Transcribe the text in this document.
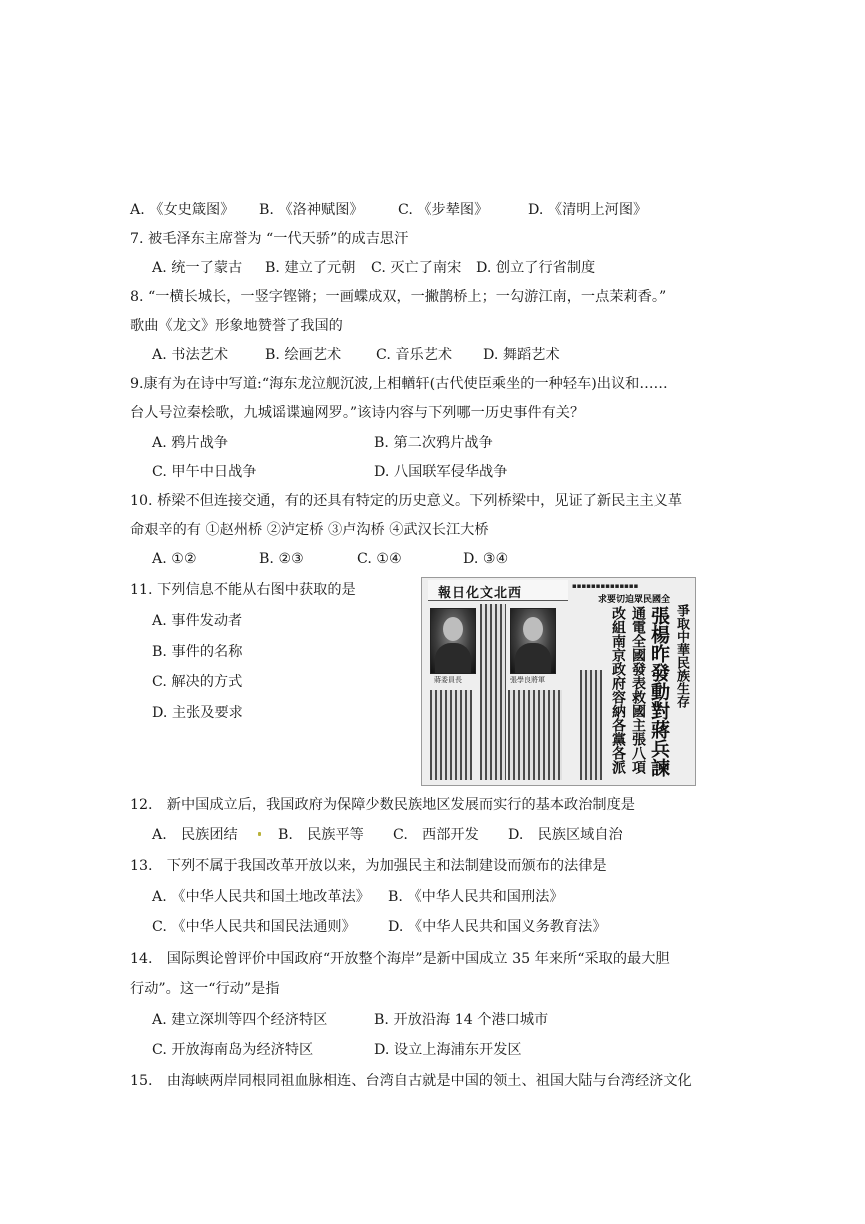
A. 《女史箴图》 B. 《洛神赋图》 C. 《步辇图》	D. 《清明上河图》
7. 被毛泽东主席誉为 “一代天骄”的成吉思汗
A. 统一了蒙古 B. 建立了元朝 C. 灭亡了南宋 D. 创立了行省制度
8. “一横长城长，一竖字铿锵；一画蝶成双，一撇鹊桥上；一勾游江南，一点茉莉香。”
歌曲《龙文》形象地赞誉了我国的
A. 书法艺术	B. 绘画艺术 C. 音乐艺术 D. 舞蹈艺术
9.康有为在诗中写道:“海东龙泣舰沉波,上相輶轩(古代使臣乘坐的一种轻车)出议和……
台人号泣秦桧歌，九城谣谍遍网罗。”该诗内容与下列哪一历史事件有关？
A. 鸦片战争	B. 第二次鸦片战争
C. 甲午中日战争	D. 八国联军侵华战争
10. 桥梁不但连接交通，有的还具有特定的历史意义。下列桥梁中，见证了新民主主义革
命艰辛的有 ①赵州桥 ②泸定桥 ③卢沟桥 ④武汉长江大桥
A. ①②	B. ②③	C. ①④	D. ③④
11. 下列信息不能从右图中获取的是
A. 事件发动者
B. 事件的名称
C. 解决的方式
D. 主张及要求
報日化文北西	▪▪▪▪▪▪▪▪▪▪▪▪▪▪
求要切迫眾民國全
蔣委員長	張學良將軍	爭取中華民族生存
張楊昨發動對蔣兵諫
通電全國發表救國主張八項
改組南京政府容納各黨各派
12.　新中国成立后，我国政府为保障少数民族地区发展而实行的基本政治制度是
A.　民族团结	B.　民族平等 C.　西部开发 D.　民族区域自治
13.　下列不属于我国改革开放以来，为加强民主和法制建设而颁布的法律是
A. 《中华人民共和国土地改革法》 B. 《中华人民共和国刑法》
C. 《中华人民共和国民法通则》 D. 《中华人民共和国义务教育法》
14.　国际舆论曾评价中国政府“开放整个海岸”是新中国成立 35 年来所“采取的最大胆
行动”。这一“行动”是指
A. 建立深圳等四个经济特区	B. 开放沿海 14 个港口城市
C. 开放海南岛为经济特区	D. 设立上海浦东开发区
15.　由海峡两岸同根同祖血脉相连、台湾自古就是中国的领土、祖国大陆与台湾经济文化
